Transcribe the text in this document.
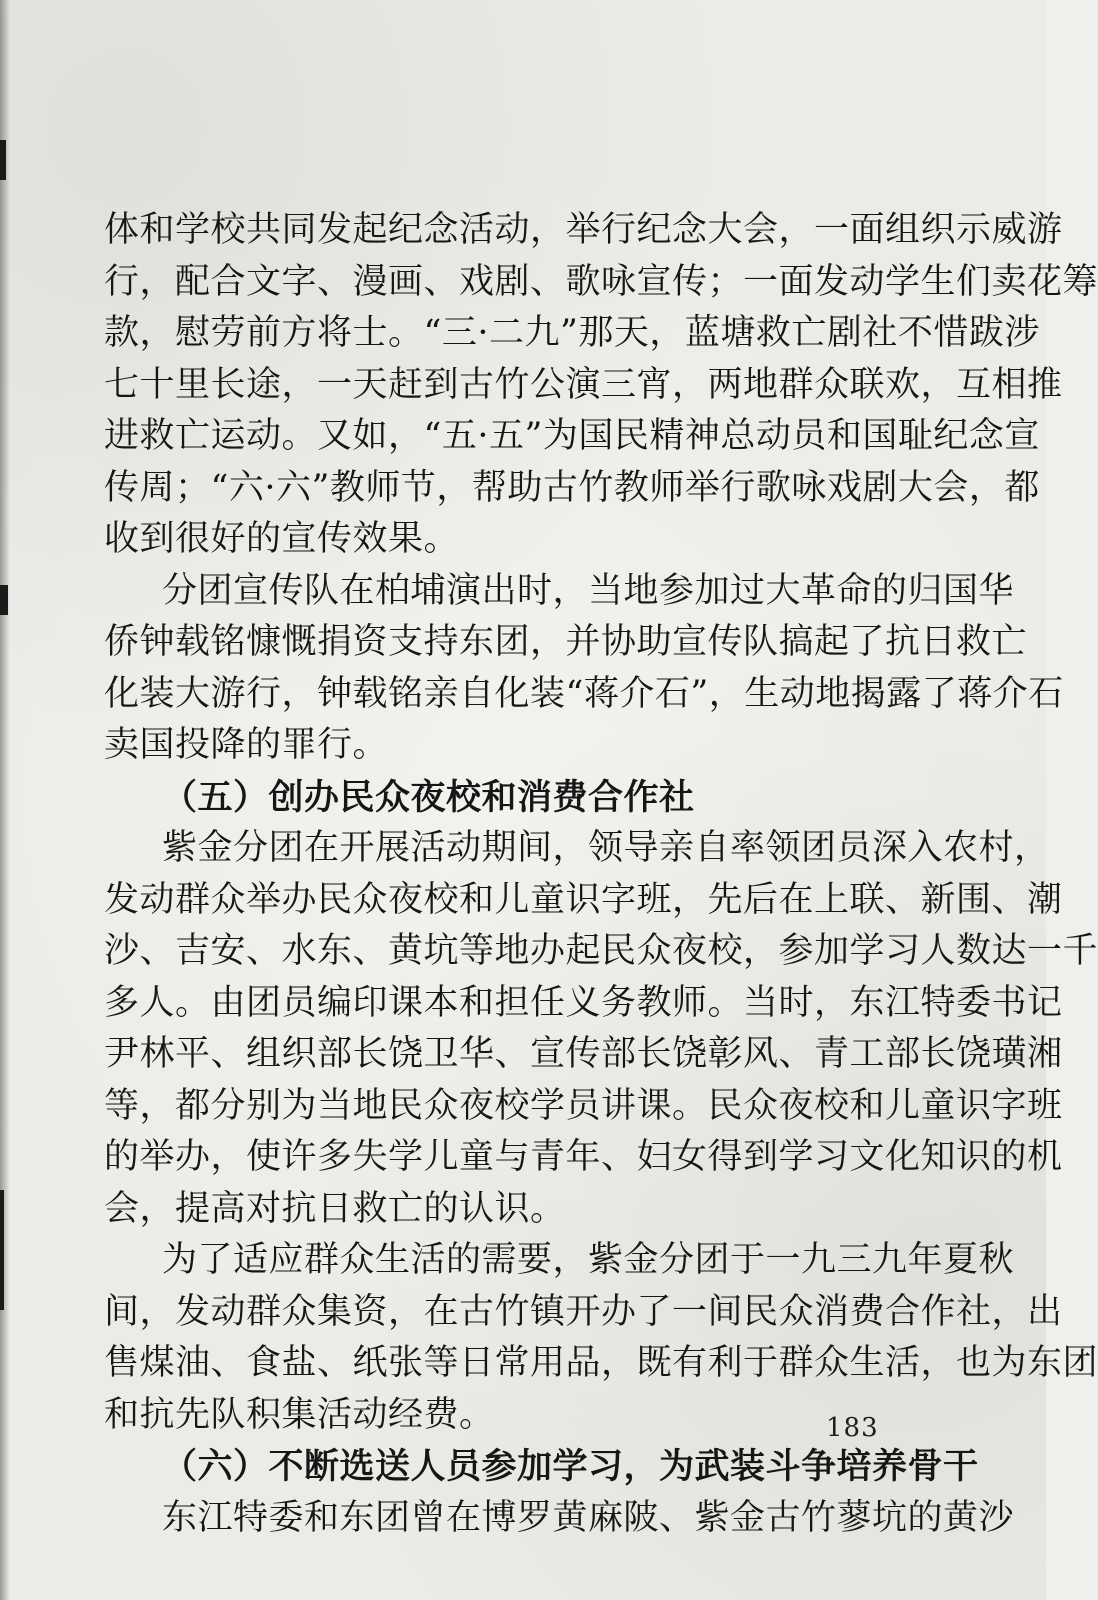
体和学校共同发起纪念活动，举行纪念大会，一面组织示威游
行，配合文字、漫画、戏剧、歌咏宣传；一面发动学生们卖花筹
款，慰劳前方将士。“三·二九”那天，蓝塘救亡剧社不惜跋涉
七十里长途，一天赶到古竹公演三宵，两地群众联欢，互相推
进救亡运动。又如，“五·五”为国民精神总动员和国耻纪念宣
传周；“六·六”教师节，帮助古竹教师举行歌咏戏剧大会，都
收到很好的宣传效果。
分团宣传队在柏埔演出时，当地参加过大革命的归国华
侨钟载铭慷慨捐资支持东团，并协助宣传队搞起了抗日救亡
化装大游行，钟载铭亲自化装“蒋介石”，生动地揭露了蒋介石
卖国投降的罪行。
（五）创办民众夜校和消费合作社
紫金分团在开展活动期间，领导亲自率领团员深入农村，
发动群众举办民众夜校和儿童识字班，先后在上联、新围、潮
沙、吉安、水东、黄坑等地办起民众夜校，参加学习人数达一千
多人。由团员编印课本和担任义务教师。当时，东江特委书记
尹林平、组织部长饶卫华、宣传部长饶彰风、青工部长饶璜湘
等，都分别为当地民众夜校学员讲课。民众夜校和儿童识字班
的举办，使许多失学儿童与青年、妇女得到学习文化知识的机
会，提高对抗日救亡的认识。
为了适应群众生活的需要，紫金分团于一九三九年夏秋
间，发动群众集资，在古竹镇开办了一间民众消费合作社，出
售煤油、食盐、纸张等日常用品，既有利于群众生活，也为东团
和抗先队积集活动经费。
（六）不断选送人员参加学习，为武装斗争培养骨干
东江特委和东团曾在博罗黄麻陂、紫金古竹蓼坑的黄沙
183
